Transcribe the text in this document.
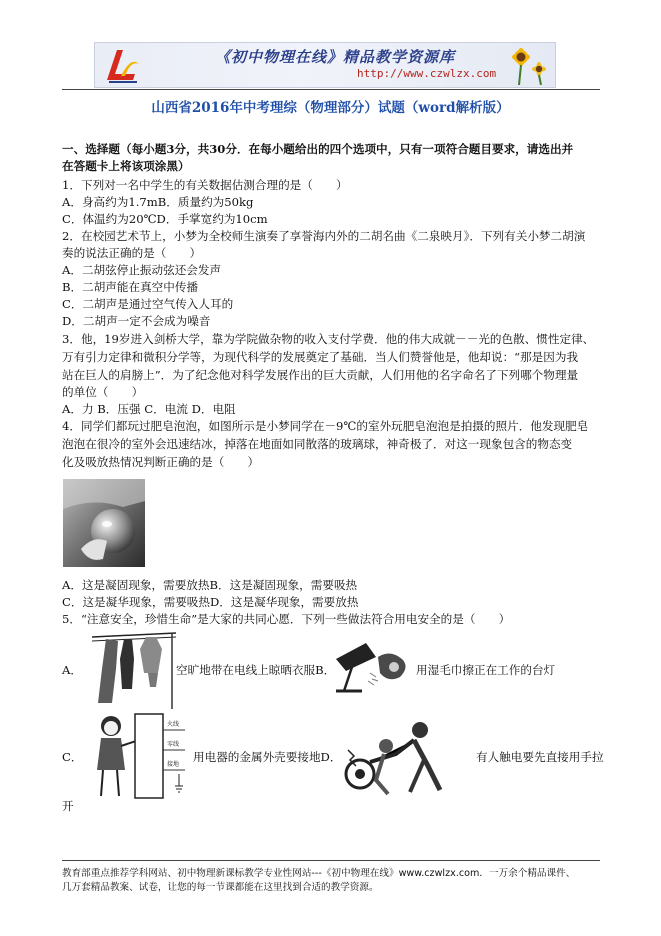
《初中物理在线》精品教学资源库
http://www.czwlzx.com
山西省2016年中考理综（物理部分）试题（word解析版）
一、选择题（每小题3分，共30分．在每小题给出的四个选项中，只有一项符合题目要求，请选出并
在答题卡上将该项涂黑）
1．下列对一名中学生的有关数据估测合理的是（　　）
A．身高约为1.7mB．质量约为50kg
C．体温约为20℃D．手掌宽约为10cm
2．在校园艺术节上，小梦为全校师生演奏了享誉海内外的二胡名曲《二泉映月》．下列有关小梦二胡演
奏的说法正确的是（　　）
A．二胡弦停止振动弦还会发声
B．二胡声能在真空中传播
C．二胡声是通过空气传入人耳的
D．二胡声一定不会成为噪音
3．他，19岁进入剑桥大学，靠为学院做杂物的收入支付学费．他的伟大成就－－光的色散、惯性定律、
万有引力定律和微积分学等，为现代科学的发展奠定了基础．当人们赞誉他是，他却说：“那是因为我
站在巨人的肩膀上”．为了纪念他对科学发展作出的巨大贡献，人们用他的名字命名了下列哪个物理量
的单位（　　）
A．力 B．压强 C．电流 D．电阻
4．同学们都玩过肥皂泡泡，如图所示是小梦同学在－9℃的室外玩肥皂泡泡是拍摄的照片．他发现肥皂
泡泡在很冷的室外会迅速结冰，掉落在地面如同散落的玻璃球，神奇极了．对这一现象包含的物态变
化及吸放热情况判断正确的是（　　）
A．这是凝固现象，需要放热B．这是凝固现象，需要吸热
C．这是凝华现象，需要吸热D．这是凝华现象，需要放热
5．“注意安全，珍惜生命”是大家的共同心愿．下列一些做法符合用电安全的是（　　）
A．	空旷地带在电线上晾晒衣服B．	用湿毛巾擦正在工作的台灯
C．
火线
零线
接地
用电器的金属外壳要接地D．	有人触电要先直接用手拉
开
教育部重点推荐学科网站、初中物理新课标教学专业性网站---《初中物理在线》www.czwlzx.com．一万余个精品课件、
几万套精品教案、试卷，让您的每一节课都能在这里找到合适的教学资源。
